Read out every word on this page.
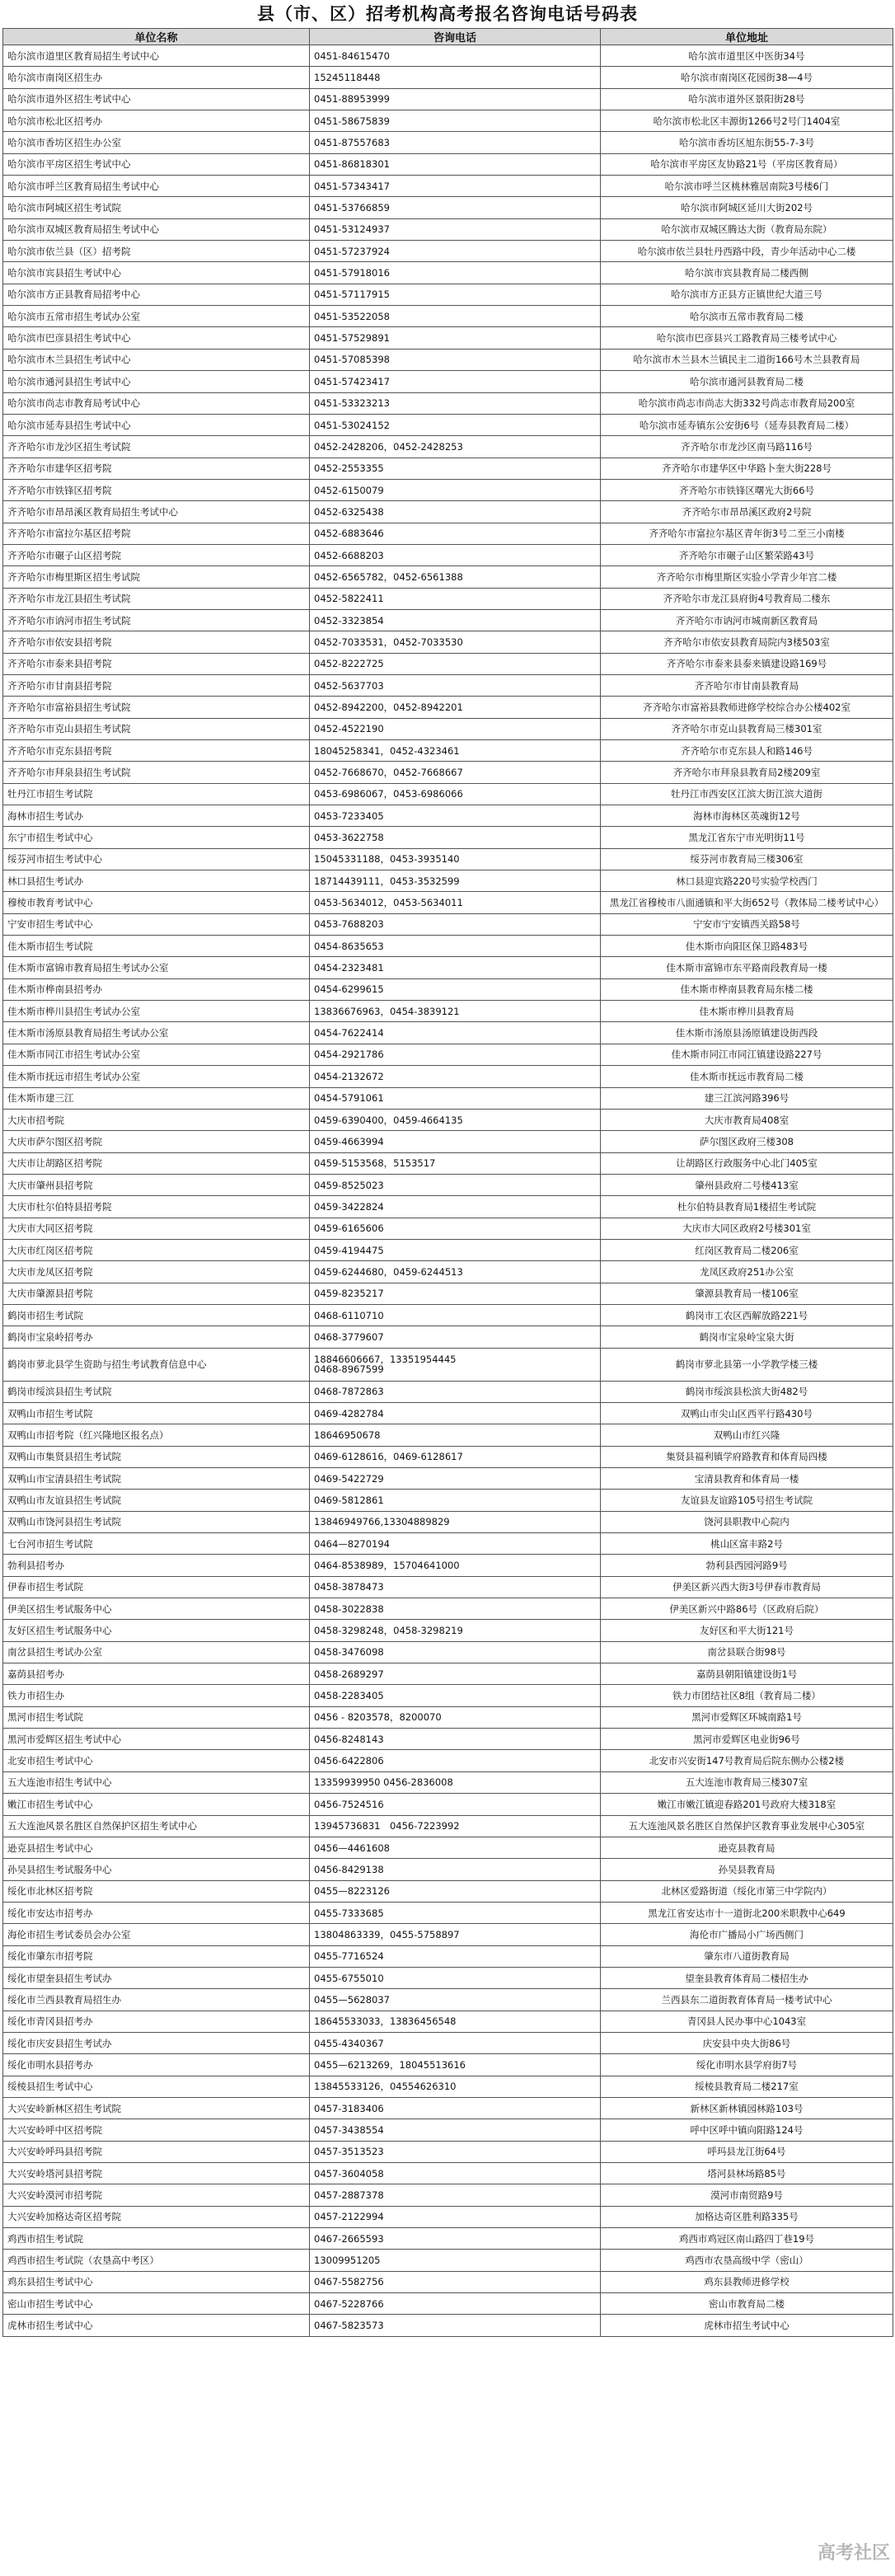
县（市、区）招考机构高考报名咨询电话号码表
单位名称	咨询电话	单位地址
哈尔滨市道里区教育局招生考试中心	0451-84615470	哈尔滨市道里区中医街34号
哈尔滨市南岗区招生办	15245118448	哈尔滨市南岗区花园街38—4号
哈尔滨市道外区招生考试中心	0451-88953999	哈尔滨市道外区景阳街28号
哈尔滨市松北区招考办	0451-58675839	哈尔滨市松北区丰源街1266号2号门1404室
哈尔滨市香坊区招生办公室	0451-87557683	哈尔滨市香坊区旭东街55-7-3号
哈尔滨市平房区招生考试中心	0451-86818301	哈尔滨市平房区友协路21号（平房区教育局）
哈尔滨市呼兰区教育局招生考试中心	0451-57343417	哈尔滨市呼兰区桃林雅居南院3号楼6门
哈尔滨市阿城区招生考试院	0451-53766859	哈尔滨市阿城区延川大街202号
哈尔滨市双城区教育局招生考试中心	0451-53124937	哈尔滨市双城区腾达大街（教育局东院）
哈尔滨市依兰县（区）招考院	0451-57237924	哈尔滨市依兰县牡丹西路中段，青少年活动中心二楼
哈尔滨市宾县招生考试中心	0451-57918016	哈尔滨市宾县教育局二楼西侧
哈尔滨市方正县教育局招考中心	0451-57117915	哈尔滨市方正县方正镇世纪大道三号
哈尔滨市五常市招生考试办公室	0451-53522058	哈尔滨市五常市教育局二楼
哈尔滨市巴彦县招生考试中心	0451-57529891	哈尔滨市巴彦县兴工路教育局三楼考试中心
哈尔滨市木兰县招生考试中心	0451-57085398	哈尔滨市木兰县木兰镇民主二道街166号木兰县教育局
哈尔滨市通河县招生考试中心	0451-57423417	哈尔滨市通河县教育局二楼
哈尔滨市尚志市教育局考试中心	0451-53323213	哈尔滨市尚志市尚志大街332号尚志市教育局200室
哈尔滨市延寿县招生考试中心	0451-53024152	哈尔滨市延寿镇东公安街6号（延寿县教育局二楼）
齐齐哈尔市龙沙区招生考试院	0452-2428206，0452-2428253	齐齐哈尔市龙沙区南马路116号
齐齐哈尔市建华区招考院	0452-2553355	齐齐哈尔市建华区中华路卜奎大街228号
齐齐哈尔市铁锋区招考院	0452-6150079	齐齐哈尔市铁锋区曙光大街66号
齐齐哈尔市昂昂溪区教育局招生考试中心	0452-6325438	齐齐哈尔市昂昂溪区政府2号院
齐齐哈尔市富拉尔基区招考院	0452-6883646	齐齐哈尔市富拉尔基区青年街3号二至三小南楼
齐齐哈尔市碾子山区招考院	0452-6688203	齐齐哈尔市碾子山区繁荣路43号
齐齐哈尔市梅里斯区招生考试院	0452-6565782，0452-6561388	齐齐哈尔市梅里斯区实验小学青少年宫二楼
齐齐哈尔市龙江县招生考试院	0452-5822411	齐齐哈尔市龙江县府街4号教育局二楼东
齐齐哈尔市讷河市招生考试院	0452-3323854	齐齐哈尔市讷河市城南新区教育局
齐齐哈尔市依安县招考院	0452-7033531，0452-7033530	齐齐哈尔市依安县教育局院内3楼503室
齐齐哈尔市泰来县招考院	0452-8222725	齐齐哈尔市泰来县泰来镇建设路169号
齐齐哈尔市甘南县招考院	0452-5637703	齐齐哈尔市甘南县教育局
齐齐哈尔市富裕县招生考试院	0452-8942200，0452-8942201	齐齐哈尔市富裕县教师进修学校综合办公楼402室
齐齐哈尔市克山县招生考试院	0452-4522190	齐齐哈尔市克山县教育局三楼301室
齐齐哈尔市克东县招考院	18045258341，0452-4323461	齐齐哈尔市克东县人和路146号
齐齐哈尔市拜泉县招生考试院	0452-7668670，0452-7668667	齐齐哈尔市拜泉县教育局2楼209室
牡丹江市招生考试院	0453-6986067，0453-6986066	牡丹江市西安区江滨大街江滨大道街
海林市招生考试办	0453-7233405	海林市海林区英魂街12号
东宁市招生考试中心	0453-3622758	黑龙江省东宁市光明街11号
绥芬河市招生考试中心	15045331188，0453-3935140	绥芬河市教育局三楼306室
林口县招生考试办	18714439111，0453-3532599	林口县迎宾路220号实验学校西门
穆棱市教育考试中心	0453-5634012，0453-5634011	黑龙江省穆棱市八面通镇和平大街652号（教体局二楼考试中心）
宁安市招生考试中心	0453-7688203	宁安市宁安镇西关路58号
佳木斯市招生考试院	0454-8635653	佳木斯市向阳区保卫路483号
佳木斯市富锦市教育局招生考试办公室	0454-2323481	佳木斯市富锦市东平路南段教育局一楼
佳木斯市桦南县招考办	0454-6299615	佳木斯市桦南县教育局东楼二楼
佳木斯市桦川县招生考试办公室	13836676963，0454-3839121	佳木斯市桦川县教育局
佳木斯市汤原县教育局招生考试办公室	0454-7622414	佳木斯市汤原县汤原镇建设街西段
佳木斯市同江市招生考试办公室	0454-2921786	佳木斯市同江市同江镇建设路227号
佳木斯市抚远市招生考试办公室	0454-2132672	佳木斯市抚远市教育局二楼
佳木斯市建三江	0454-5791061	建三江滨河路396号
大庆市招考院	0459-6390400，0459-4664135	大庆市教育局408室
大庆市萨尔图区招考院	0459-4663994	萨尔图区政府三楼308
大庆市让胡路区招考院	0459-5153568，5153517	让胡路区行政服务中心北门405室
大庆市肇州县招考院	0459-8525023	肇州县政府二号楼413室
大庆市杜尔伯特县招考院	0459-3422824	杜尔伯特县教育局1楼招生考试院
大庆市大同区招考院	0459-6165606	大庆市大同区政府2号楼301室
大庆市红岗区招考院	0459-4194475	红岗区教育局二楼206室
大庆市龙凤区招考院	0459-6244680，0459-6244513	龙凤区政府251办公室
大庆市肇源县招考院	0459-8235217	肇源县教育局一楼106室
鹤岗市招生考试院	0468-6110710	鹤岗市工农区西解放路221号
鹤岗市宝泉岭招考办	0468-3779607	鹤岗市宝泉岭宝泉大街
鹤岗市萝北县学生资助与招生考试教育信息中心	18846606667，13351954445
0468-8967599	鹤岗市萝北县第一小学教学楼三楼
鹤岗市绥滨县招生考试院	0468-7872863	鹤岗市绥滨县松滨大街482号
双鸭山市招生考试院	0469-4282784	双鸭山市尖山区西平行路430号
双鸭山市招考院（红兴隆地区报名点）	18646950678	双鸭山市红兴隆
双鸭山市集贤县招生考试院	0469-6128616，0469-6128617	集贤县福利镇学府路教育和体育局四楼
双鸭山市宝清县招生考试院	0469-5422729	宝清县教育和体育局一楼
双鸭山市友谊县招生考试院	0469-5812861	友谊县友谊路105号招生考试院
双鸭山市饶河县招生考试院	13846949766,13304889829	饶河县职教中心院内
七台河市招生考试院	0464—8270194	桃山区富丰路2号
勃利县招考办	0464-8538989，15704641000	勃利县西园河路9号
伊春市招生考试院	0458-3878473	伊美区新兴西大街3号伊春市教育局
伊美区招生考试服务中心	0458-3022838	伊美区新兴中路86号（区政府后院）
友好区招生考试服务中心	0458-3298248，0458-3298219	友好区和平大街121号
南岔县招生考试办公室	0458-3476098	南岔县联合街98号
嘉荫县招考办	0458-2689297	嘉荫县朝阳镇建设街1号
铁力市招生办	0458-2283405	铁力市团结社区8组（教育局二楼）
黑河市招生考试院	0456 - 8203578，8200070	黑河市爱辉区环城南路1号
黑河市爱辉区招生考试中心	0456-8248143	黑河市爱辉区电业街96号
北安市招生考试中心	0456-6422806	北安市兴安街147号教育局后院东侧办公楼2楼
五大连池市招生考试中心	13359939950 0456-2836008	五大连池市教育局三楼307室
嫩江市招生考试中心	0456-7524516	嫩江市嫩江镇迎春路201号政府大楼318室
五大连池风景名胜区自然保护区招生考试中心	13945736831　0456-7223992	五大连池风景名胜区自然保护区教育事业发展中心305室
逊克县招生考试中心	0456—4461608	逊克县教育局
孙吴县招生考试服务中心	0456-8429138	孙吴县教育局
绥化市北林区招考院	0455—8223126	北林区爱路街道（绥化市第三中学院内）
绥化市安达市招考办	0455-7333685	黑龙江省安达市十一道街北200米职教中心649
海伦市招生考试委员会办公室	13804863339，0455-5758897	海伦市广播局小广场西侧门
绥化市肇东市招考院	0455-7716524	肇东市八道街教育局
绥化市望奎县招生考试办	0455-6755010	望奎县教育体育局二楼招生办
绥化市兰西县教育局招生办	0455—5628037	兰西县东二道街教育体育局一楼考试中心
绥化市青冈县招考办	18645533033，13836456548	青冈县人民办事中心1043室
绥化市庆安县招生考试办	0455-4340367	庆安县中央大街86号
绥化市明水县招考办	0455—6213269，18045513616	绥化市明水县学府街7号
绥棱县招生考试中心	13845533126，04554626310	绥棱县教育局二楼217室
大兴安岭新林区招生考试院	0457-3183406	新林区新林镇园林路103号
大兴安岭呼中区招考院	0457-3438554	呼中区呼中镇向阳路124号
大兴安岭呼玛县招考院	0457-3513523	呼玛县龙江街64号
大兴安岭塔河县招考院	0457-3604058	塔河县林场路85号
大兴安岭漠河市招考院	0457-2887378	漠河市南贸路9号
大兴安岭加格达奇区招考院	0457-2122994	加格达奇区胜利路335号
鸡西市招生考试院	0467-2665593	鸡西市鸡冠区南山路四丁巷19号
鸡西市招生考试院（农垦高中考区）	13009951205	鸡西市农垦高级中学（密山）
鸡东县招生考试中心	0467-5582756	鸡东县教师进修学校
密山市招生考试中心	0467-5228766	密山市教育局二楼
虎林市招生考试中心	0467-5823573	虎林市招生考试中心
高考社区
